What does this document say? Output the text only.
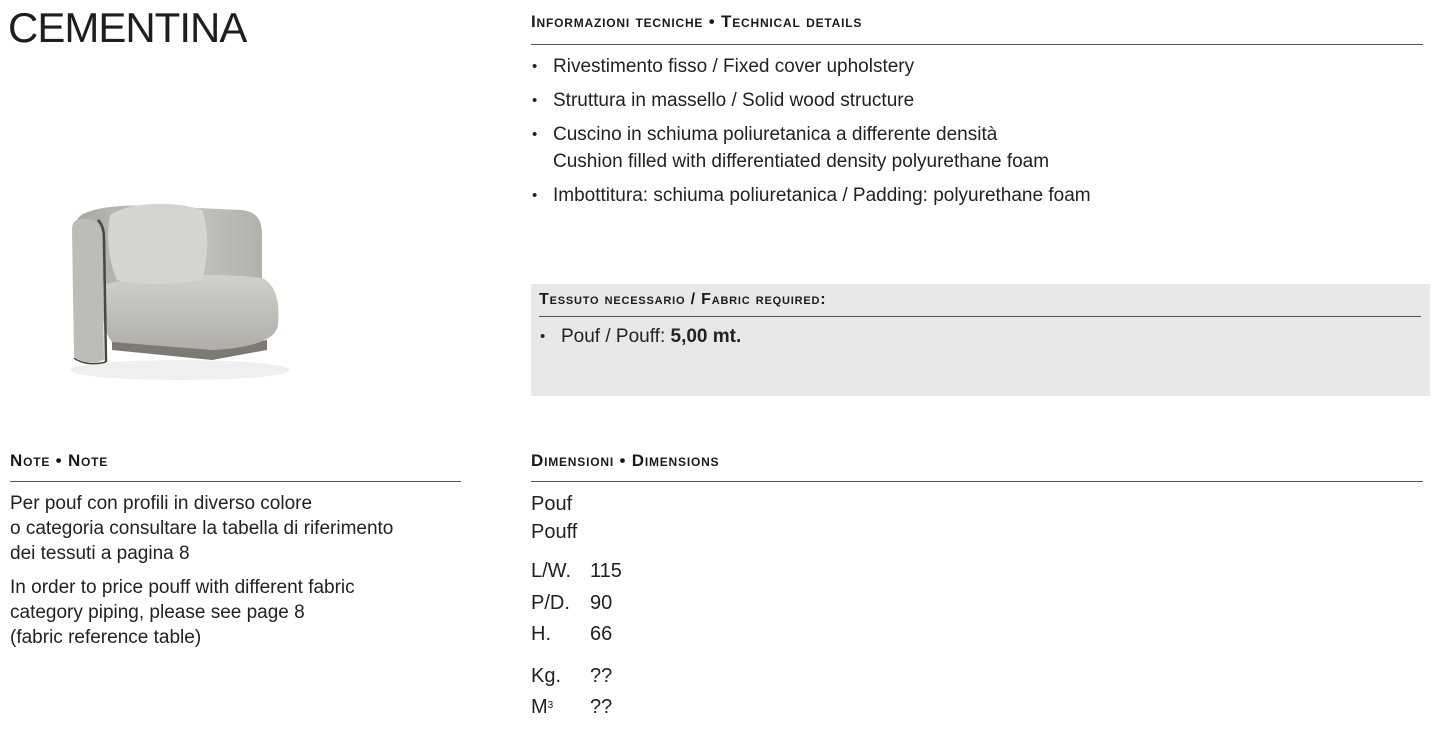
CEMENTINA	Informazioni tecniche • Technical details
• Rivestimento fisso / Fixed cover upholstery
• Struttura in massello / Solid wood structure
• Cuscino in schiuma poliuretanica a differente densità
Cushion filled with differentiated density polyurethane foam
• Imbottitura: schiuma poliuretanica / Padding: polyurethane foam
Tessuto necessario / Fabric required:
• Pouf / Pouff: 5,00 mt.
Note • Note

Per pouf con profili in diverso colore
o categoria consultare la tabella di riferimento
dei tessuti a pagina 8

In order to price pouff with different fabric
category piping, please see page 8
(fabric reference table)

Dimensioni • Dimensions
Pouf
Pouff
L/W. 115
P/D.	90
H.	66
Kg.	??
$M^3$	??
